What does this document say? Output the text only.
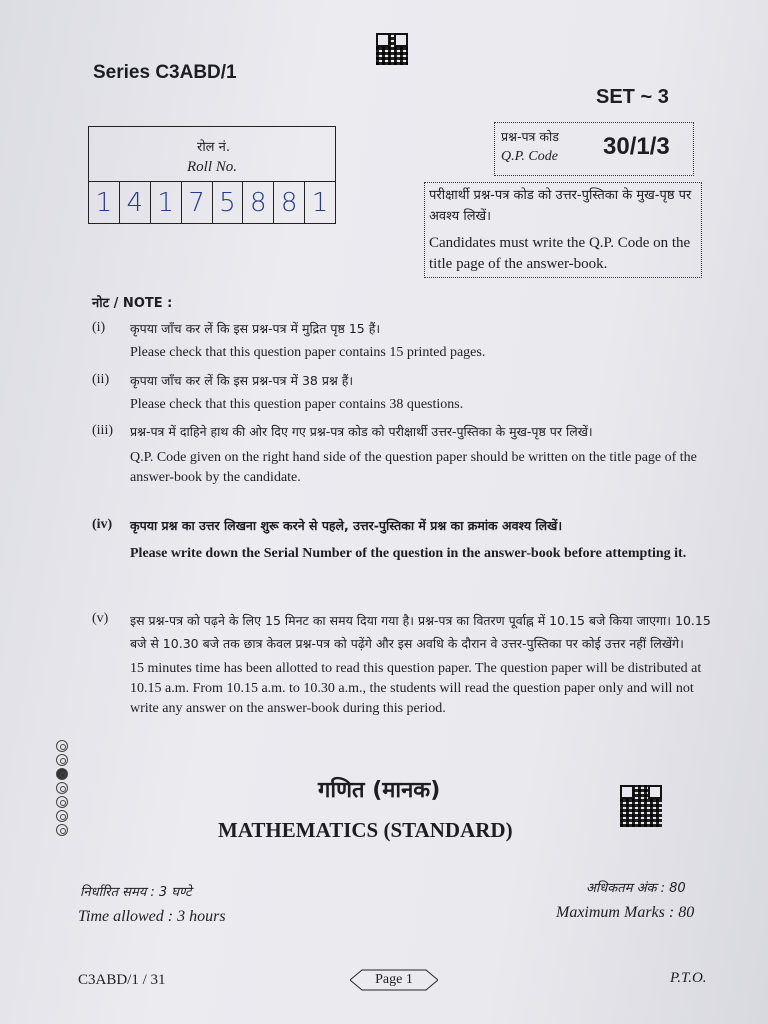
Series C3ABD/1
SET ~ 3
रोल नं.
Roll No.
1 4 1 7 5 8 8 1
प्रश्न-पत्र कोड
Q.P. Code 30/1/3
परीक्षार्थी प्रश्न-पत्र कोड को उत्तर-पुस्तिका के मुख-पृष्ठ पर अवश्य लिखें।
Candidates must write the Q.P. Code on the title page of the answer-book.
नोट / NOTE :
(i) कृपया जाँच कर लें कि इस प्रश्न-पत्र में मुद्रित पृष्ठ 15 हैं।
Please check that this question paper contains 15 printed pages.
(ii) कृपया जाँच कर लें कि इस प्रश्न-पत्र में 38 प्रश्न हैं।
Please check that this question paper contains 38 questions.
(iii) प्रश्न-पत्र में दाहिने हाथ की ओर दिए गए प्रश्न-पत्र कोड को परीक्षार्थी उत्तर-पुस्तिका के मुख-पृष्ठ पर लिखें।
Q.P. Code given on the right hand side of the question paper should be written on the title page of the answer-book by the candidate.
(iv) कृपया प्रश्न का उत्तर लिखना शुरू करने से पहले, उत्तर-पुस्तिका में प्रश्न का क्रमांक अवश्य लिखें।
Please write down the Serial Number of the question in the answer-book before attempting it.
(v) इस प्रश्न-पत्र को पढ़ने के लिए 15 मिनट का समय दिया गया है। प्रश्न-पत्र का वितरण पूर्वाह्न में 10.15 बजे किया जाएगा। 10.15 बजे से 10.30 बजे तक छात्र केवल प्रश्न-पत्र को पढ़ेंगे और इस अवधि के दौरान वे उत्तर-पुस्तिका पर कोई उत्तर नहीं लिखेंगे।
15 minutes time has been allotted to read this question paper. The question paper will be distributed at 10.15 a.m. From 10.15 a.m. to 10.30 a.m., the students will read the question paper only and will not write any answer on the answer-book during this period.
गणित (मानक)
MATHEMATICS (STANDARD)
निर्धारित समय : 3 घण्टे
Time allowed : 3 hours
अधिकतम अंक : 80
Maximum Marks : 80
C3ABD/1 / 31	Page 1	P.T.O.
